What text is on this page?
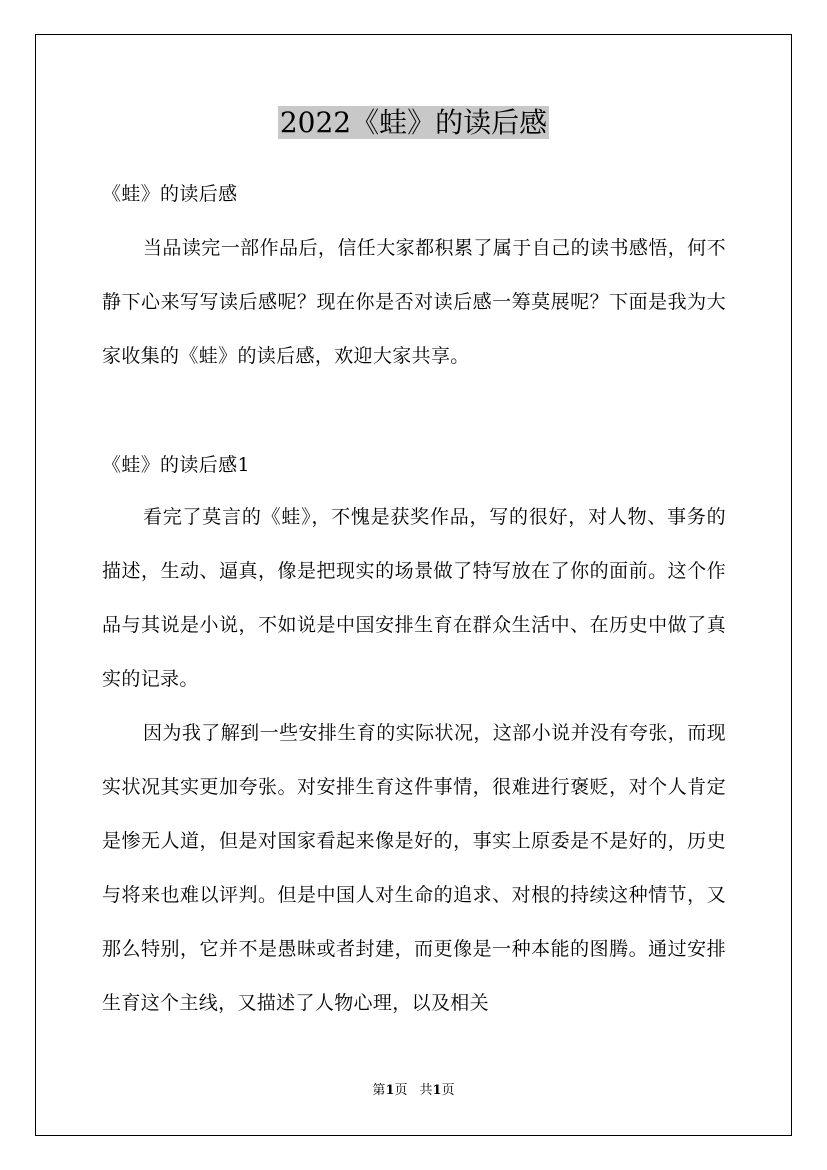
2022《蛙》的读后感

《蛙》的读后感

当品读完一部作品后，信任大家都积累了属于自己的读书感悟，何不静下心来写写读后感呢？现在你是否对读后感一筹莫展呢？下面是我为大家收集的《蛙》的读后感，欢迎大家共享。

《蛙》的读后感1

看完了莫言的《蛙》，不愧是获奖作品，写的很好，对人物、事务的描述，生动、逼真，像是把现实的场景做了特写放在了你的面前。这个作品与其说是小说，不如说是中国安排生育在群众生活中、在历史中做了真实的记录。

因为我了解到一些安排生育的实际状况，这部小说并没有夸张，而现实状况其实更加夸张。对安排生育这件事情，很难进行褒贬，对个人肯定是惨无人道，但是对国家看起来像是好的，事实上原委是不是好的，历史与将来也难以评判。但是中国人对生命的追求、对根的持续这种情节，又那么特别，它并不是愚昧或者封建，而更像是一种本能的图腾。通过安排生育这个主线，又描述了人物心理，以及相关

第1页 共1页
